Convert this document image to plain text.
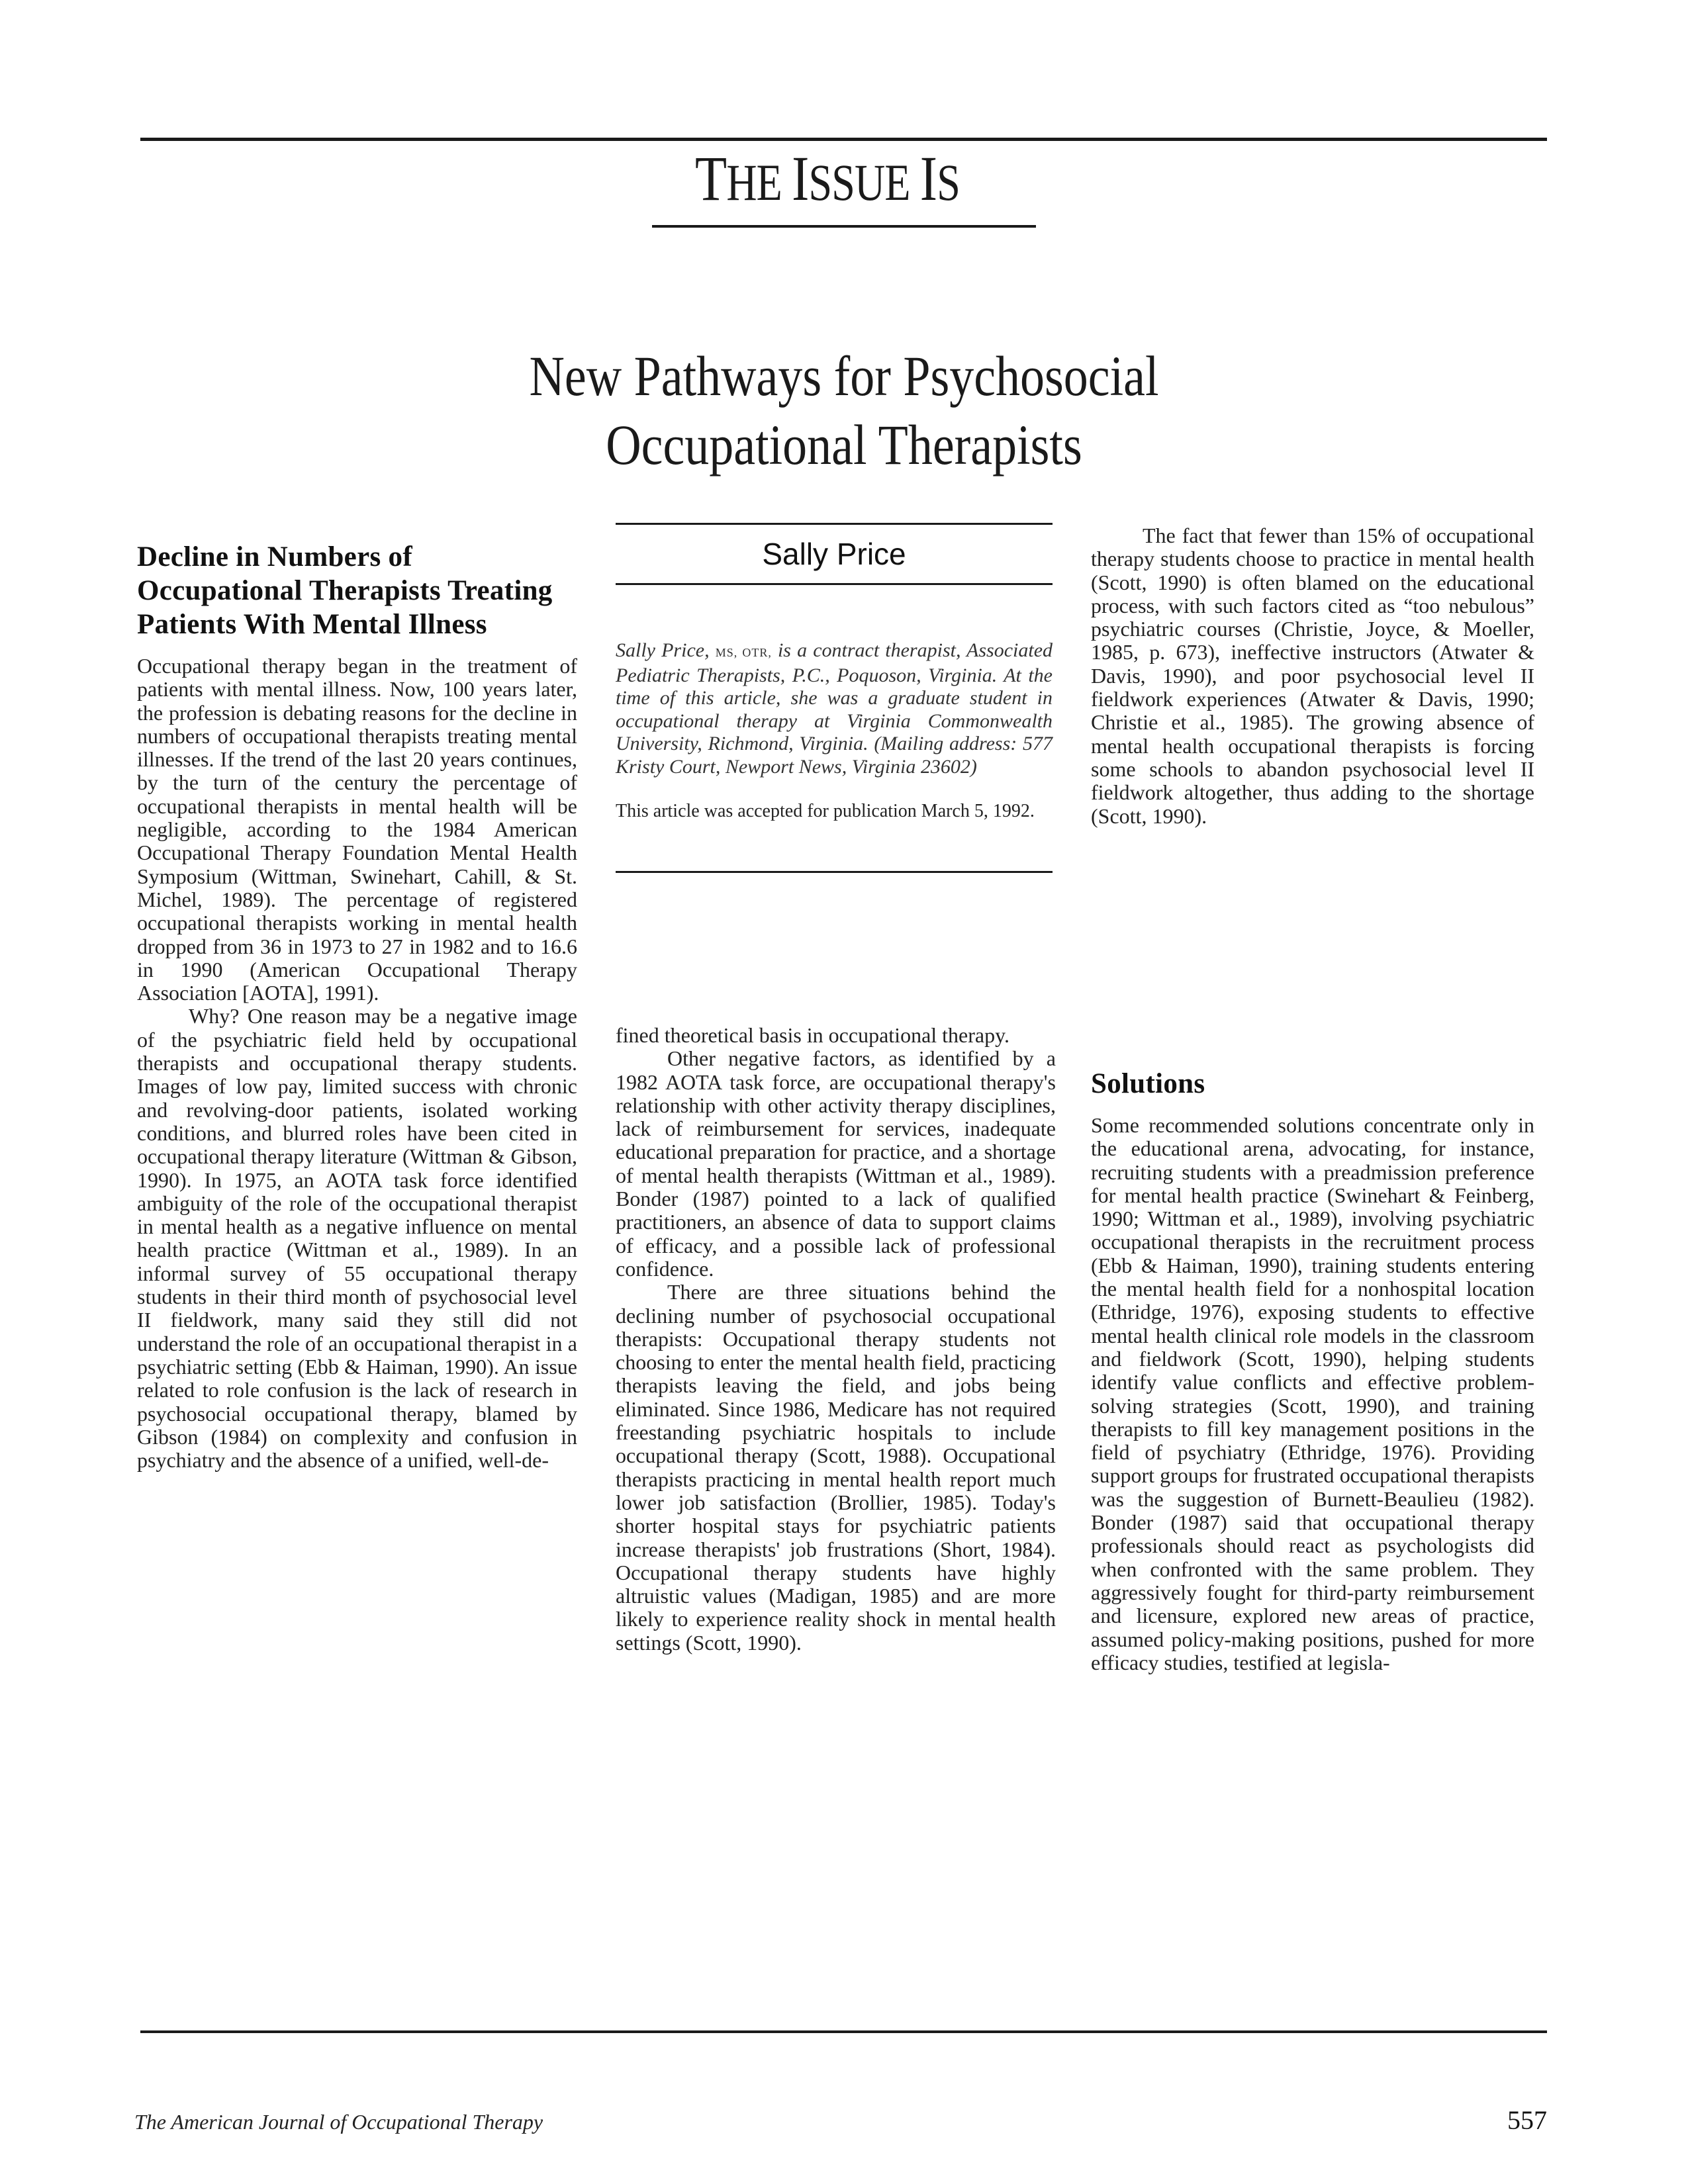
THE ISSUE IS
New Pathways for Psychosocial
Occupational Therapists
Decline in Numbers of Occupational Therapists Treating Patients With Mental Illness

Occupational therapy began in the treatment of patients with mental illness. Now, 100 years later, the profession is debating reasons for the decline in numbers of occupational therapists treating mental illnesses. If the trend of the last 20 years continues, by the turn of the century the percentage of occupational therapists in mental health will be negligible, according to the 1984 American Occupational Therapy Foundation Mental Health Symposium (Wittman, Swinehart, Cahill, & St. Michel, 1989). The percentage of registered occupational therapists working in mental health dropped from 36 in 1973 to 27 in 1982 and to 16.6 in 1990 (American Occupational Therapy Association [AOTA], 1991).

Why? One reason may be a negative image of the psychiatric field held by occupational therapists and occupational therapy students. Images of low pay, limited success with chronic and revolving-door patients, isolated working conditions, and blurred roles have been cited in occupational therapy literature (Wittman & Gibson, 1990). In 1975, an AOTA task force identified ambiguity of the role of the occupational therapist in mental health as a negative influence on mental health practice (Wittman et al., 1989). In an informal survey of 55 occupational therapy students in their third month of psychosocial level II fieldwork, many said they still did not understand the role of an occupational therapist in a psychiatric setting (Ebb & Haiman, 1990). An issue related to role confusion is the lack of research in psychosocial occupational therapy, blamed by Gibson (1984) on complexity and confusion in psychiatry and the absence of a unified, well-de-

Sally Price

Sally Price, MS, OTR, is a contract therapist, Associated Pediatric Therapists, P.C., Poquoson, Virginia. At the time of this article, she was a graduate student in occupational therapy at Virginia Commonwealth University, Richmond, Virginia. (Mailing address: 577 Kristy Court, Newport News, Virginia 23602)

This article was accepted for publication March 5, 1992.

fined theoretical basis in occupational therapy.

Other negative factors, as identified by a 1982 AOTA task force, are occupational therapy's relationship with other activity therapy disciplines, lack of reimbursement for services, inadequate educational preparation for practice, and a shortage of mental health therapists (Wittman et al., 1989). Bonder (1987) pointed to a lack of qualified practitioners, an absence of data to support claims of efficacy, and a possible lack of professional confidence.

There are three situations behind the declining number of psychosocial occupational therapists: Occupational therapy students not choosing to enter the mental health field, practicing therapists leaving the field, and jobs being eliminated. Since 1986, Medicare has not required freestanding psychiatric hospitals to include occupational therapy (Scott, 1988). Occupational therapists practicing in mental health report much lower job satisfaction (Brollier, 1985). Today's shorter hospital stays for psychiatric patients increase therapists' job frustrations (Short, 1984). Occupational therapy students have highly altruistic values (Madigan, 1985) and are more likely to experience reality shock in mental health settings (Scott, 1990).

The fact that fewer than 15% of occupational therapy students choose to practice in mental health (Scott, 1990) is often blamed on the educational process, with such factors cited as “too nebulous” psychiatric courses (Christie, Joyce, & Moeller, 1985, p. 673), ineffective instructors (Atwater & Davis, 1990), and poor psychosocial level II fieldwork experiences (Atwater & Davis, 1990; Christie et al., 1985). The growing absence of mental health occupational therapists is forcing some schools to abandon psychosocial level II fieldwork altogether, thus adding to the shortage (Scott, 1990).

Solutions

Some recommended solutions concentrate only in the educational arena, advocating, for instance, recruiting students with a preadmission preference for mental health practice (Swinehart & Feinberg, 1990; Wittman et al., 1989), involving psychiatric occupational therapists in the recruitment process (Ebb & Haiman, 1990), training students entering the mental health field for a nonhospital location (Ethridge, 1976), exposing students to effective mental health clinical role models in the classroom and fieldwork (Scott, 1990), helping students identify value conflicts and effective problem-solving strategies (Scott, 1990), and training therapists to fill key management positions in the field of psychiatry (Ethridge, 1976). Providing support groups for frustrated occupational therapists was the suggestion of Burnett-Beaulieu (1982). Bonder (1987) said that occupational therapy professionals should react as psychologists did when confronted with the same problem. They aggressively fought for third-party reimbursement and licensure, explored new areas of practice, assumed policy-making positions, pushed for more efficacy studies, testified at legisla-

The American Journal of Occupational Therapy	557
